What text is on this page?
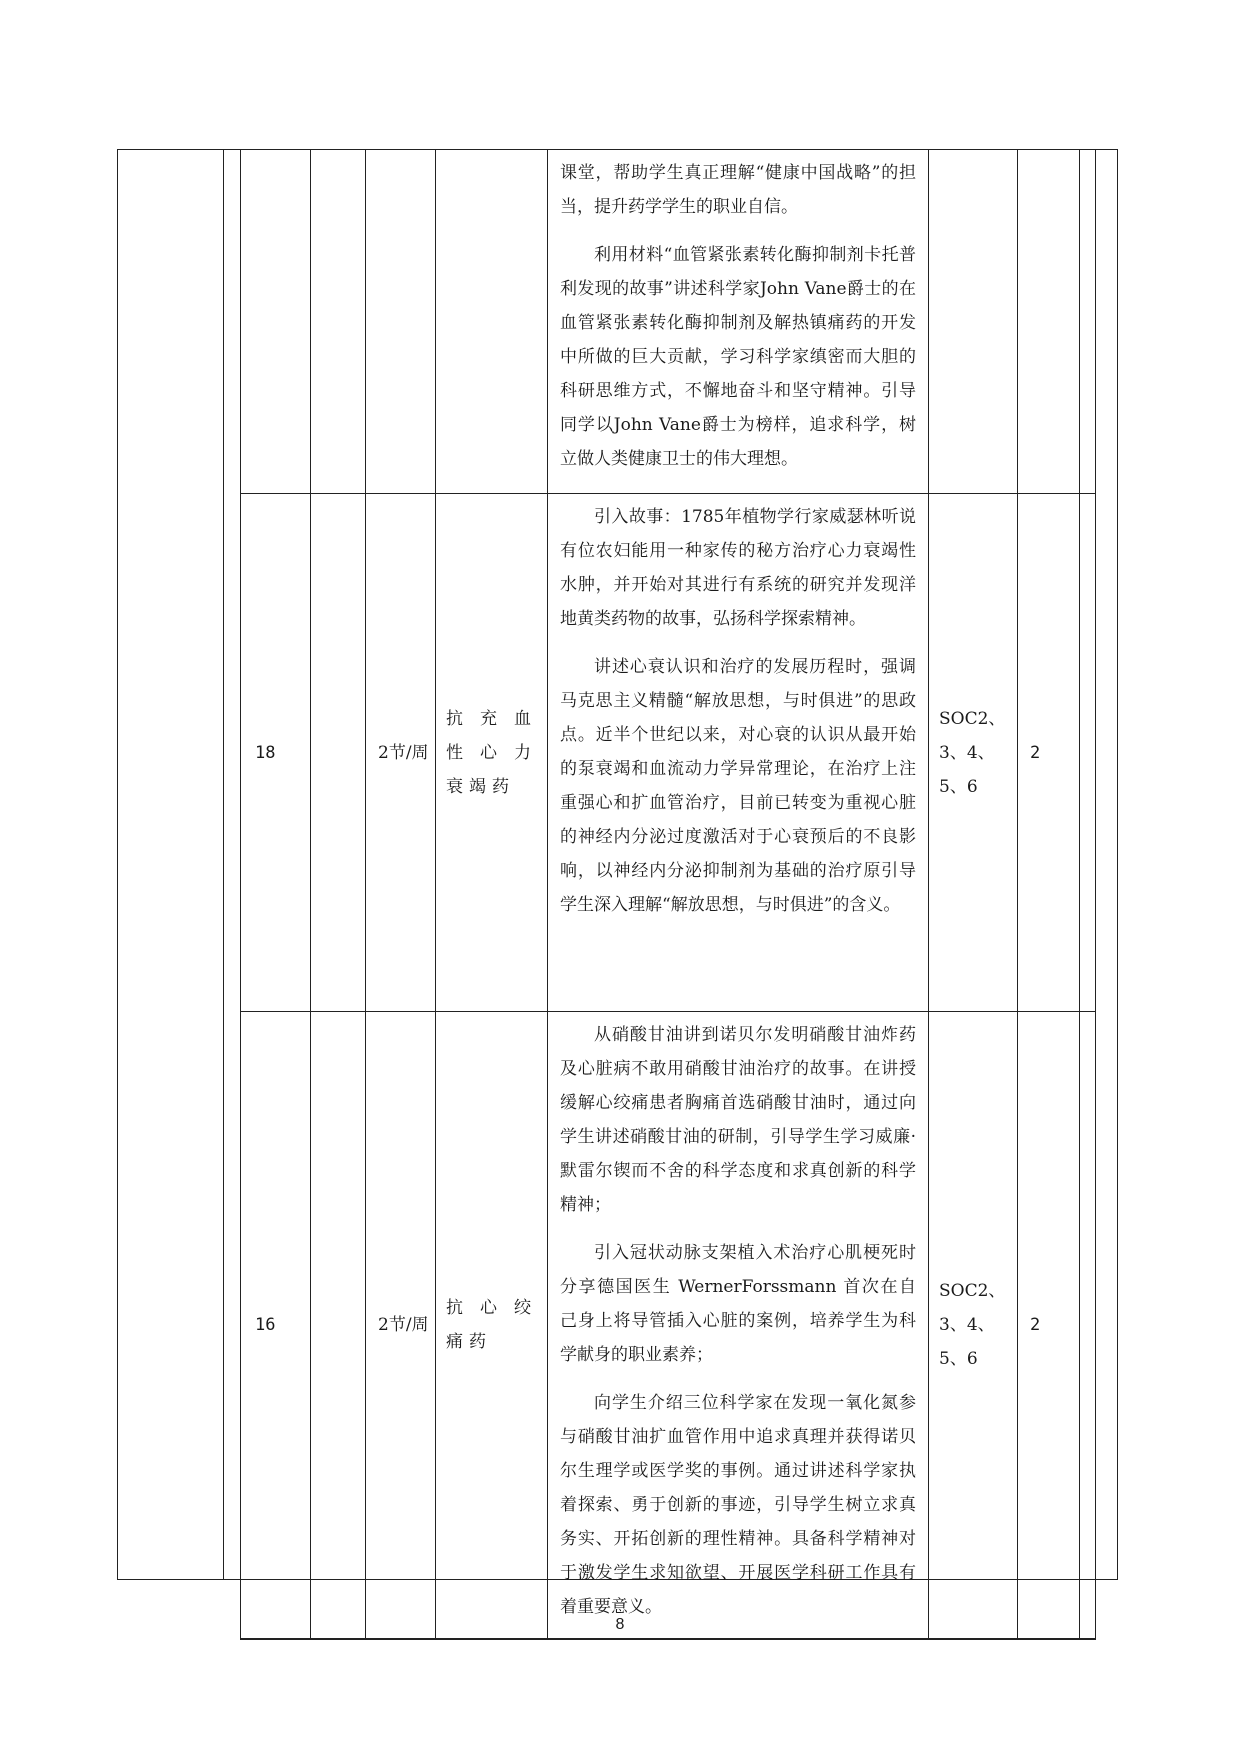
				课堂，帮助学生真正理解“健康中国战略”的担当，提升药学学生的职业自信。

利用材料“血管紧张素转化酶抑制剂卡托普利发现的故事”讲述科学家John Vane爵士的在血管紧张素转化酶抑制剂及解热镇痛药的开发中所做的巨大贡献，学习科学家缜密而大胆的科研思维方式，不懈地奋斗和坚守精神。引导同学以John Vane爵士为榜样，追求科学，树立做人类健康卫士的伟大理想。			

18		2节/周	抗充血性心力衰竭药	引入故事：1785年植物学行家威瑟林听说有位农妇能用一种家传的秘方治疗心力衰竭性水肿，并开始对其进行有系统的研究并发现洋地黄类药物的故事，弘扬科学探索精神。

讲述心衰认识和治疗的发展历程时，强调马克思主义精髓“解放思想，与时俱进”的思政点。近半个世纪以来，对心衰的认识从最开始的泵衰竭和血流动力学异常理论，在治疗上注重强心和扩血管治疗，目前已转变为重视心脏的神经内分泌过度激活对于心衰预后的不良影响，以神经内分泌抑制剂为基础的治疗原引导学生深入理解“解放思想，与时俱进”的含义。	SOC2、3、4、5、6	2	
16		2节/周	抗心绞痛药	从硝酸甘油讲到诺贝尔发明硝酸甘油炸药及心脏病不敢用硝酸甘油治疗的故事。在讲授缓解心绞痛患者胸痛首选硝酸甘油时，通过向学生讲述硝酸甘油的研制，引导学生学习威廉·默雷尔锲而不舍的科学态度和求真创新的科学精神；

引入冠状动脉支架植入术治疗心肌梗死时分享德国医生 WernerForssmann 首次在自己身上将导管插入心脏的案例，培养学生为科学献身的职业素养；

向学生介绍三位科学家在发现一氧化氮参与硝酸甘油扩血管作用中追求真理并获得诺贝尔生理学或医学奖的事例。通过讲述科学家执着探索、勇于创新的事迹，引导学生树立求真务实、开拓创新的理性精神。具备科学精神对于激发学生求知欲望、开展医学科研工作具有着重要意义。	SOC2、3、4、5、6	2	
8
